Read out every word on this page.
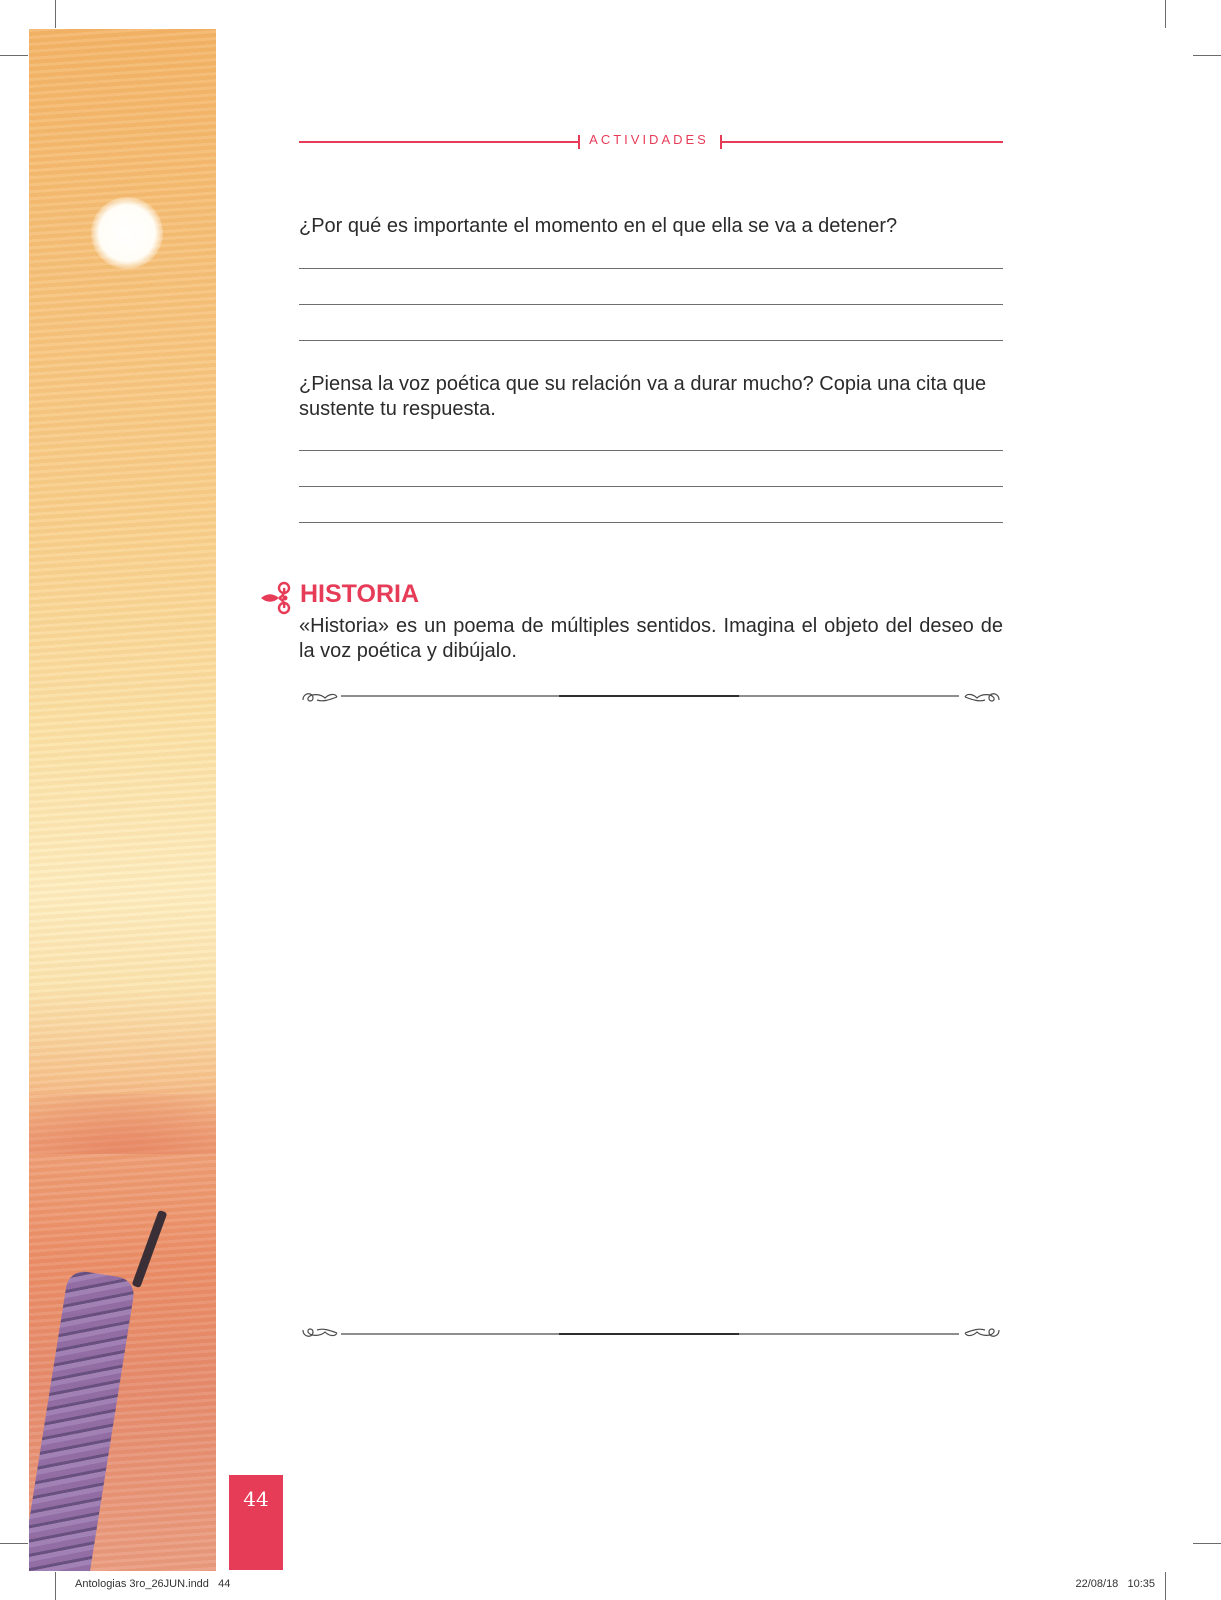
44
ACTIVIDADES
¿Por qué es importante el momento en el que ella se va a detener?
¿Piensa la voz poética que su relación va a durar mucho? Copia una cita que sustente tu respuesta.
HISTORIA
«Historia» es un poema de múltiples sentidos. Imagina el objeto del deseo de la voz poética y dibújalo.
Antologias 3ro_26JUN.indd   44	22/08/18   10:35
